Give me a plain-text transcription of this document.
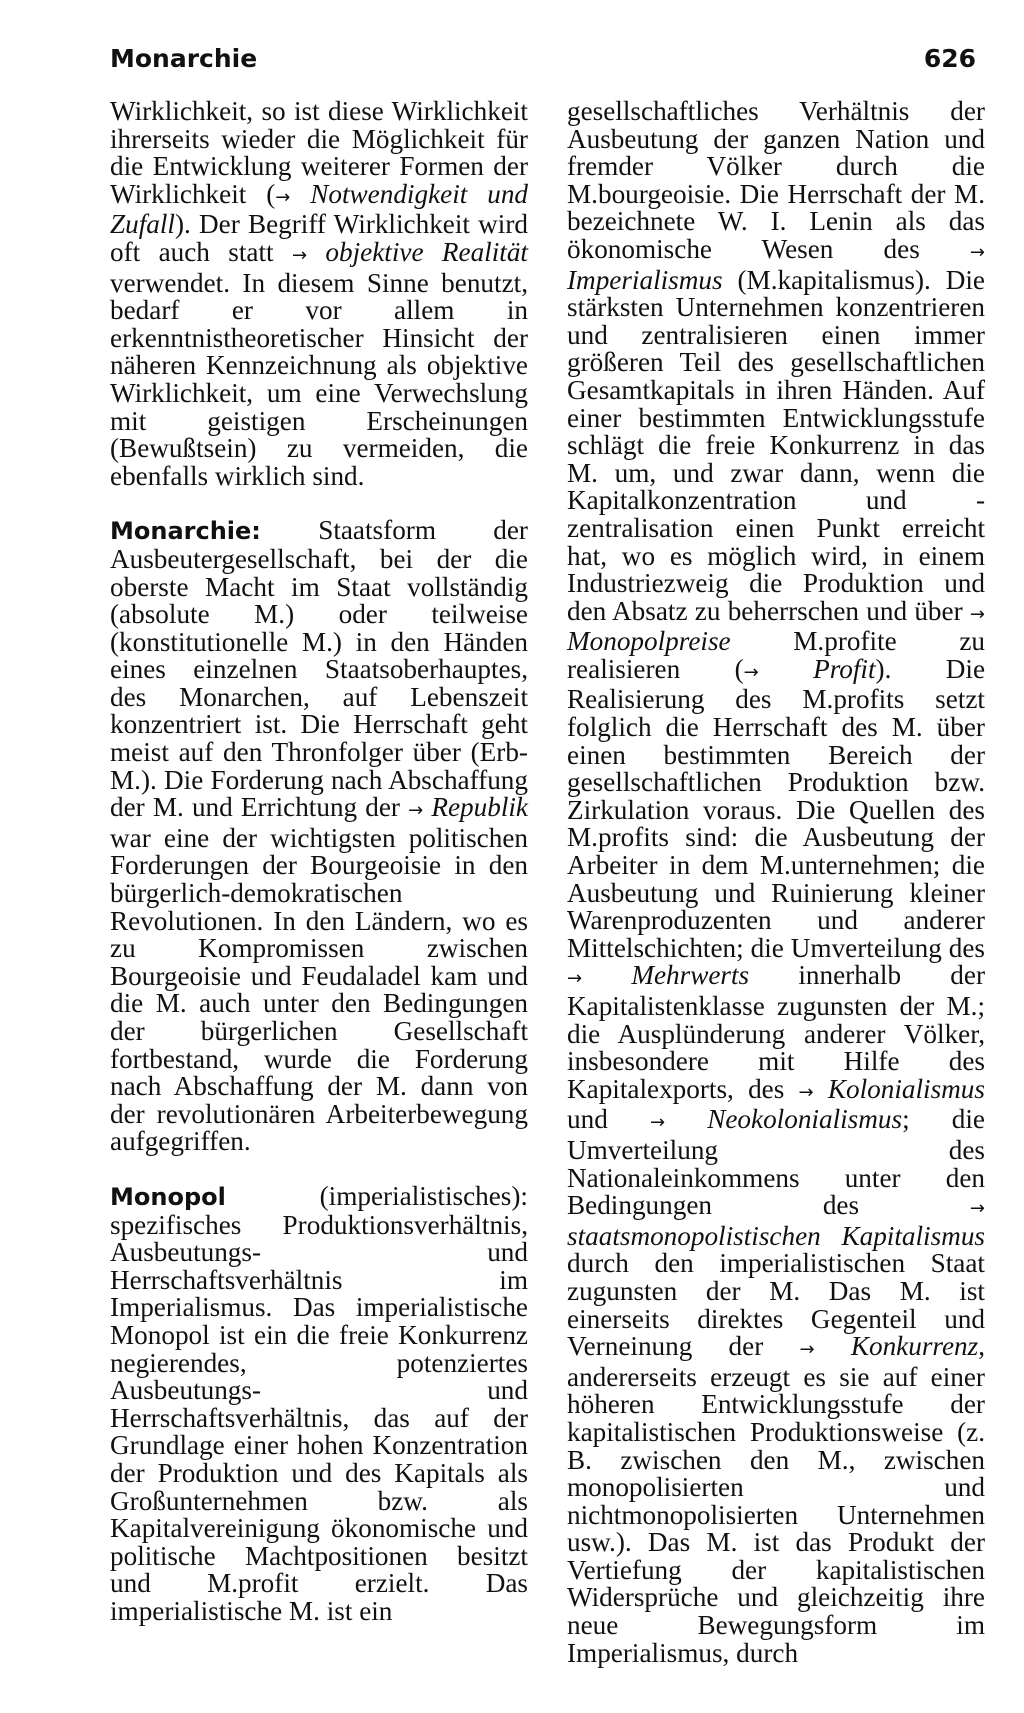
Monarchie	626

Wirklichkeit, so ist diese Wirklichkeit ihrerseits wieder die Möglichkeit für die Entwicklung weiterer Formen der Wirklichkeit (→ Notwendigkeit und Zufall). Der Begriff Wirklichkeit wird oft auch statt → objektive Realität verwendet. In diesem Sinne benutzt, bedarf er vor allem in erkenntnistheoretischer Hinsicht der näheren Kennzeichnung als objektive Wirklichkeit, um eine Verwechslung mit geistigen Erscheinungen (Bewußtsein) zu vermeiden, die ebenfalls wirklich sind.

Monarchie: Staatsform der Ausbeutergesellschaft, bei der die oberste Macht im Staat vollständig (absolute M.) oder teilweise (konstitutionelle M.) in den Händen eines einzelnen Staatsoberhauptes, des Monarchen, auf Lebenszeit konzentriert ist. Die Herrschaft geht meist auf den Thronfolger über (Erb-M.). Die Forderung nach Abschaffung der M. und Errichtung der → Republik war eine der wichtigsten politischen Forderungen der Bourgeoisie in den bürgerlich-demokratischen Revolutionen. In den Ländern, wo es zu Kompromissen zwischen Bourgeoisie und Feudaladel kam und die M. auch unter den Bedingungen der bürgerlichen Gesellschaft fortbestand, wurde die Forderung nach Abschaffung der M. dann von der revolutionären Arbeiterbewegung aufgegriffen.

Monopol (imperialistisches): spezifisches Produktionsverhältnis, Ausbeutungs- und Herrschaftsverhältnis im Imperialismus. Das imperialistische Monopol ist ein die freie Konkurrenz negierendes, potenziertes Ausbeutungs- und Herrschaftsverhältnis, das auf der Grundlage einer hohen Konzentration der Produktion und des Kapitals als Großunternehmen bzw. als Kapitalvereinigung ökonomische und politische Machtpositionen besitzt und M.profit erzielt. Das imperialistische M. ist ein

gesellschaftliches Verhältnis der Ausbeutung der ganzen Nation und fremder Völker durch die M.bourgeoisie. Die Herrschaft der M. bezeichnete W. I. Lenin als das ökonomische Wesen des → Imperialismus (M.kapitalismus). Die stärksten Unternehmen konzentrieren und zentralisieren einen immer größeren Teil des gesellschaftlichen Gesamtkapitals in ihren Händen. Auf einer bestimmten Entwicklungsstufe schlägt die freie Konkurrenz in das M. um, und zwar dann, wenn die Kapitalkonzentration und -zentralisation einen Punkt erreicht hat, wo es möglich wird, in einem Industriezweig die Produktion und den Absatz zu beherrschen und über → Monopolpreise M.profite zu realisieren (→ Profit). Die Realisierung des M.profits setzt folglich die Herrschaft des M. über einen bestimmten Bereich der gesellschaftlichen Produktion bzw. Zirkulation voraus. Die Quellen des M.profits sind: die Ausbeutung der Arbeiter in dem M.unternehmen; die Ausbeutung und Ruinierung kleiner Warenproduzenten und anderer Mittelschichten; die Umverteilung des → Mehrwerts innerhalb der Kapitalistenklasse zugunsten der M.; die Ausplünderung anderer Völker, insbesondere mit Hilfe des Kapitalexports, des → Kolonialismus und → Neokolonialismus; die Umverteilung des Nationaleinkommens unter den Bedingungen des → staatsmonopolistischen Kapitalismus durch den imperialistischen Staat zugunsten der M. Das M. ist einerseits direktes Gegenteil und Verneinung der → Konkurrenz, andererseits erzeugt es sie auf einer höheren Entwicklungsstufe der kapitalistischen Produktionsweise (z. B. zwischen den M., zwischen monopolisierten und nichtmonopolisierten Unternehmen usw.). Das M. ist das Produkt der Vertiefung der kapitalistischen Widersprüche und gleichzeitig ihre neue Bewegungsform im Imperialismus, durch
